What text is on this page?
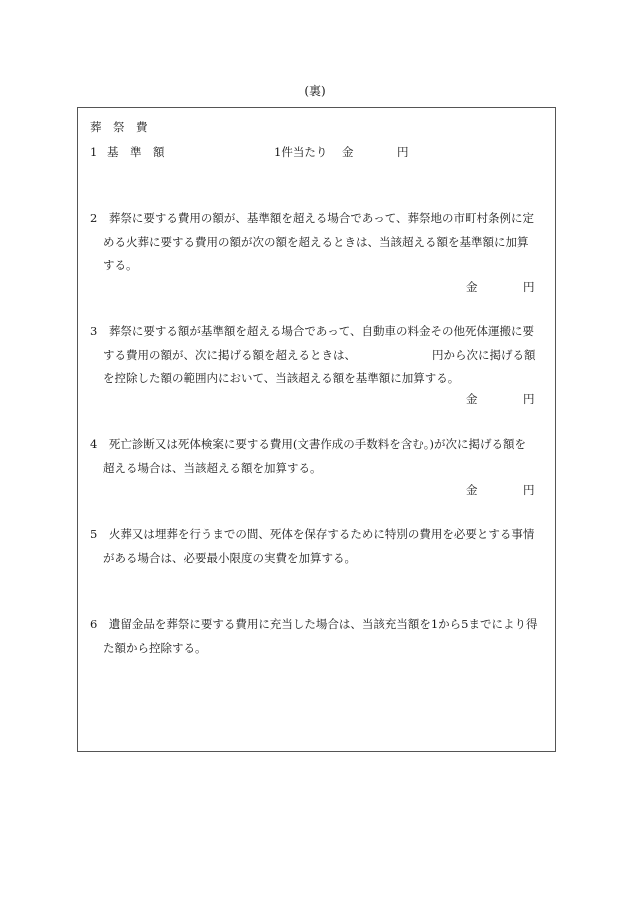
(裏)
葬　祭　費
1 基　準　額	1件当たり 金	円
2　 葬祭に要する費用の額が、基準額を超える場合であって、葬祭地の市町村条例に定
める火葬に要する費用の額が次の額を超えるときは、当該超える額を基準額に加算
する。
金	円
3　 葬祭に要する額が基準額を超える場合であって、自動車の料金その他死体運搬に要
する費用の額が、次に掲げる額を超えるときは、	円から次に掲げる額
を控除した額の範囲内において、当該超える額を基準額に加算する。
金	円
4　 死亡診断又は死体検案に要する費用(文書作成の手数料を含む。)が次に掲げる額を
超える場合は、当該超える額を加算する。
金	円
5　 火葬又は埋葬を行うまでの間、死体を保存するために特別の費用を必要とする事情
がある場合は、必要最小限度の実費を加算する。
6　 遺留金品を葬祭に要する費用に充当した場合は、当該充当額を1から5までにより得
た額から控除する。
